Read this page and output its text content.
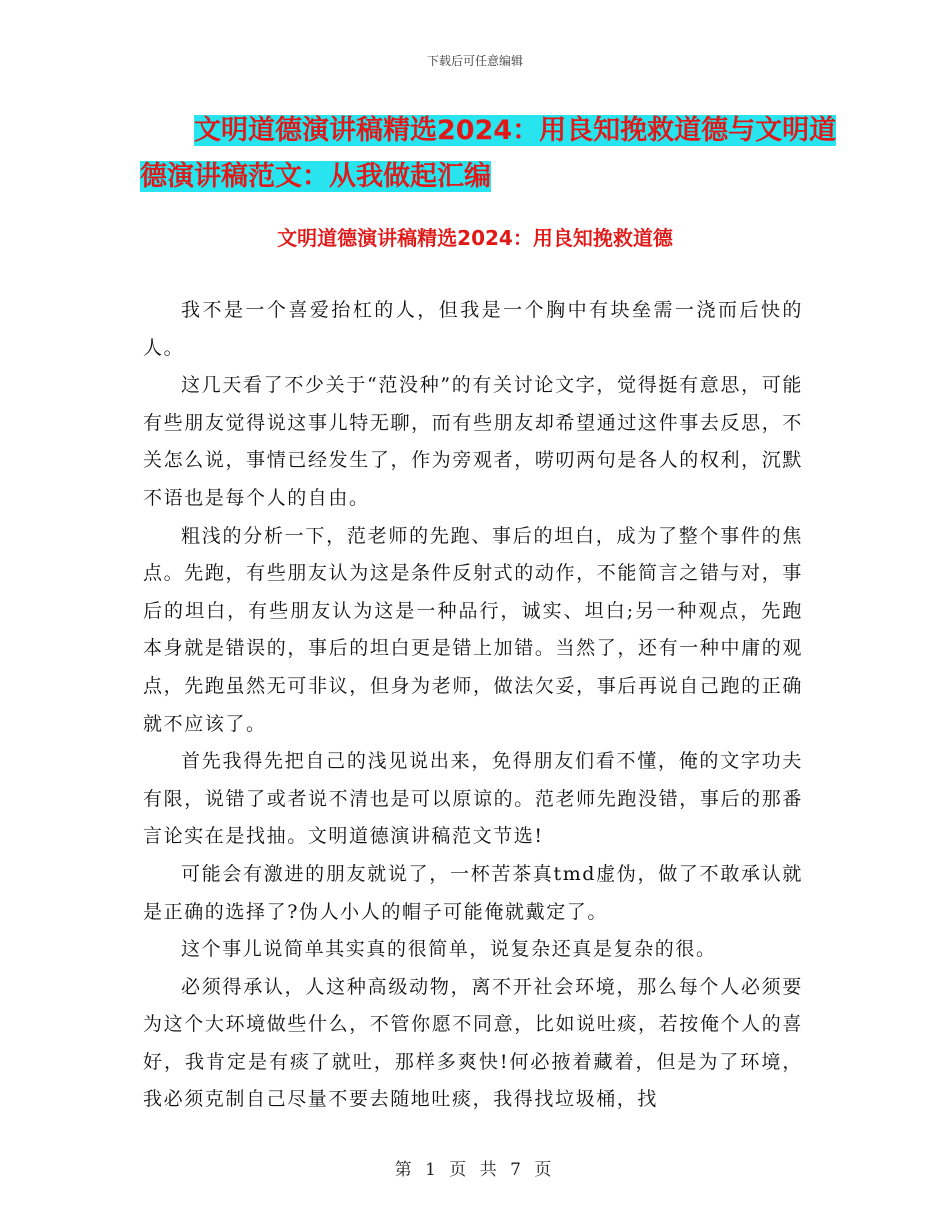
下载后可任意编辑
文明道德演讲稿精选2024：用良知挽救道德与文明道
德演讲稿范文：从我做起汇编
文明道德演讲稿精选2024：用良知挽救道德

我不是一个喜爱抬杠的人，但我是一个胸中有块垒需一浇而后快的人。

这几天看了不少关于“范没种”的有关讨论文字，觉得挺有意思，可能有些朋友觉得说这事儿特无聊，而有些朋友却希望通过这件事去反思，不关怎么说，事情已经发生了，作为旁观者，唠叨两句是各人的权利，沉默不语也是每个人的自由。

粗浅的分析一下，范老师的先跑、事后的坦白，成为了整个事件的焦点。先跑，有些朋友认为这是条件反射式的动作，不能简言之错与对，事后的坦白，有些朋友认为这是一种品行，诚实、坦白;另一种观点，先跑本身就是错误的，事后的坦白更是错上加错。当然了，还有一种中庸的观点，先跑虽然无可非议，但身为老师，做法欠妥，事后再说自己跑的正确就不应该了。

首先我得先把自己的浅见说出来，免得朋友们看不懂，俺的文字功夫有限，说错了或者说不清也是可以原谅的。范老师先跑没错，事后的那番言论实在是找抽。文明道德演讲稿范文节选!

可能会有激进的朋友就说了，一杯苦茶真tmd虚伪，做了不敢承认就是正确的选择了?伪人小人的帽子可能俺就戴定了。

这个事儿说简单其实真的很简单，说复杂还真是复杂的很。

必须得承认，人这种高级动物，离不开社会环境，那么每个人必须要为这个大环境做些什么，不管你愿不同意，比如说吐痰，若按俺个人的喜好，我肯定是有痰了就吐，那样多爽快!何必掖着藏着，但是为了环境，我必须克制自己尽量不要去随地吐痰，我得找垃圾桶，找

第 1 页 共 7 页
